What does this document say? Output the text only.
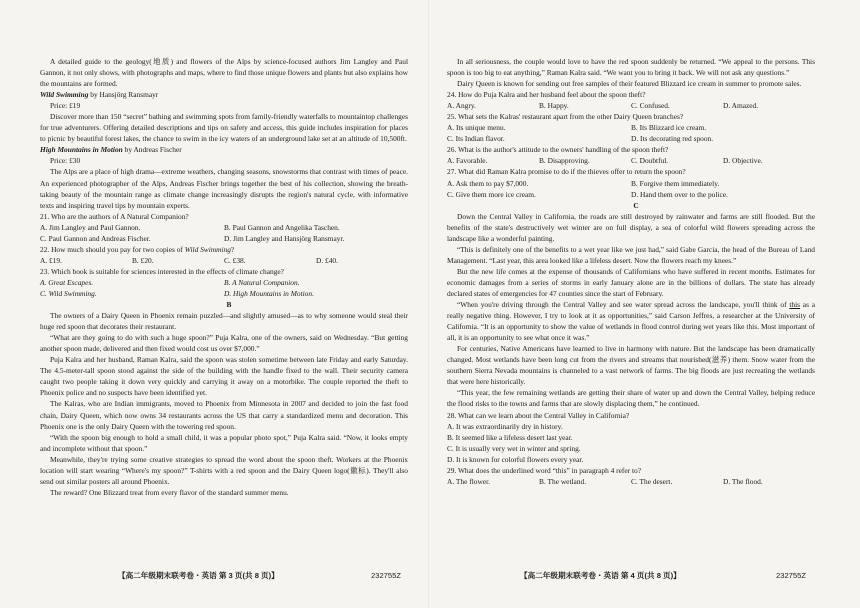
A detailed guide to the geology(地质) and flowers of the Alps by science-focused authors Jim Langley and Paul Gannon, it not only shows, with photographs and maps, where to find those unique flowers and plants but also explains how the mountains are formed.

Wild Swimming by Hansjörg Ransmayr

Price: £19

Discover more than 150 “secret” bathing and swimming spots from family-friendly waterfalls to mountaintop challenges for true adventurers. Offering detailed descriptions and tips on safety and access, this guide includes inspiration for places to picnic by beautiful forest lakes, the chance to swim in the icy waters of an underground lake set at an altitude of 10,500ft.

High Mountains in Motion by Andreas Fischer

Price: £30

The Alps are a place of high drama—extreme weathers, changing seasons, snowstorms that contrast with times of peace. An experienced photographer of the Alps, Andreas Fischer brings together the best of his collection, showing the breath-taking beauty of the mountain range as climate change increasingly disrupts the region's natural cycle, with informative texts and inspiring travel tips by mountain experts.

21. Who are the authors of A Natural Companion?

A. Jim Langley and Paul Gannon.	B. Paul Gannon and Angelika Taschen.
C. Paul Gannon and Andreas Fischer.	D. Jim Langley and Hansjörg Ransmayr.

22. How much should you pay for two copies of Wild Swimming?

A. £19.	B. £20.	C. £38.	D. £40.

23. Which book is suitable for sciences interested in the effects of climate change?

A. Great Escapes.	B. A Natural Companion.
C. Wild Swimming.	D. High Mountains in Motion.

B

The owners of a Dairy Queen in Phoenix remain puzzled—and slightly amused—as to why someone would steal their huge red spoon that decorates their restaurant.

“What are they going to do with such a huge spoon?” Puja Kalra, one of the owners, said on Wednesday. “But getting another spoon made, delivered and then fixed would cost us over $7,000.”

Puja Kalra and her husband, Raman Kalra, said the spoon was stolen sometime between late Friday and early Saturday. The 4.5-meter-tall spoon stood against the side of the building with the handle fixed to the wall. Their security camera caught two people taking it down very quickly and carrying it away on a motorbike. The couple reported the theft to Phoenix police and no suspects have been identified yet.

The Kalras, who are Indian immigrants, moved to Phoenix from Minnesota in 2007 and decided to join the fast food chain, Dairy Queen, which now owns 34 restaurants across the US that carry a standardized menu and decoration. This Phoenix one is the only Dairy Queen with the towering red spoon.

“With the spoon big enough to hold a small child, it was a popular photo spot,” Puja Kalra said. “Now, it looks empty and incomplete without that spoon.”

Meanwhile, they're trying some creative strategies to spread the word about the spoon theft. Workers at the Phoenix location will start wearing “Where's my spoon?” T-shirts with a red spoon and the Dairy Queen logo(徽标). They'll also send out similar posters all around Phoenix.

The reward? One Blizzard treat from every flavor of the standard summer menu.

【高二年级期末联考卷・英语 第 3 页(共 8 页)】	232755Z

In all seriousness, the couple would love to have the red spoon suddenly be returned. “We appeal to the persons. This spoon is too big to eat anything,” Raman Kalra said. “We want you to bring it back. We will not ask any questions.”

Dairy Queen is known for sending out free samples of their featured Blizzard ice cream in summer to promote sales.

24. How do Puja Kalra and her husband feel about the spoon theft?

A. Angry.	B. Happy.	C. Confused.	D. Amazed.

25. What sets the Kalras' restaurant apart from the other Dairy Queen branches?

A. Its unique menu.	B. Its Blizzard ice cream.
C. Its Indian flavor.	D. Its decorating red spoon.

26. What is the author's attitude to the owners' handling of the spoon theft?

A. Favorable.	B. Disapproving.	C. Doubtful.	D. Objective.

27. What did Raman Kalra promise to do if the thieves offer to return the spoon?

A. Ask them to pay $7,000.	B. Forgive them immediately.
C. Give them more ice cream.	D. Hand them over to the police.

C

Down the Central Valley in California, the roads are still destroyed by rainwater and farms are still flooded. But the benefits of the state's destructively wet winter are on full display, a sea of colorful wild flowers spreading across the landscape like a wonderful painting.

“This is definitely one of the benefits to a wet year like we just had,” said Gabe Garcia, the head of the Bureau of Land Management. “Last year, this area looked like a lifeless desert. Now the flowers reach my knees.”

But the new life comes at the expense of thousands of Californians who have suffered in recent months. Estimates for economic damages from a series of storms in early January alone are in the billions of dollars. The state has already declared states of emergencies for 47 counties since the start of February.

“When you're driving through the Central Valley and see water spread across the landscape, you'll think of this as a really negative thing. However, I try to look at it as opportunities,” said Carson Jeffres, a researcher at the University of California. “It is an opportunity to show the value of wetlands in flood control during wet years like this. Most important of all, it is an opportunity to see what once it was.”

For centuries, Native Americans have learned to live in harmony with nature. But the landscape has been dramatically changed. Most wetlands have been long cut from the rivers and streams that nourished(滋养) them. Snow water from the southern Sierra Nevada mountains is channeled to a vast network of farms. The big floods are just recreating the wetlands that were here historically.

“This year, the few remaining wetlands are getting their share of water up and down the Central Valley, helping reduce the flood risks to the towns and farms that are slowly displacing them,” he continued.

28. What can we learn about the Central Valley in California?

A. It was extraordinarily dry in history.

B. It seemed like a lifeless desert last year.

C. It is usually very wet in winter and spring.

D. It is known for colorful flowers every year.

29. What does the underlined word “this” in paragraph 4 refer to?

A. The flower.	B. The wetland.	C. The desert.	D. The flood.
【高二年级期末联考卷・英语 第 4 页(共 8 页)】	232755Z
